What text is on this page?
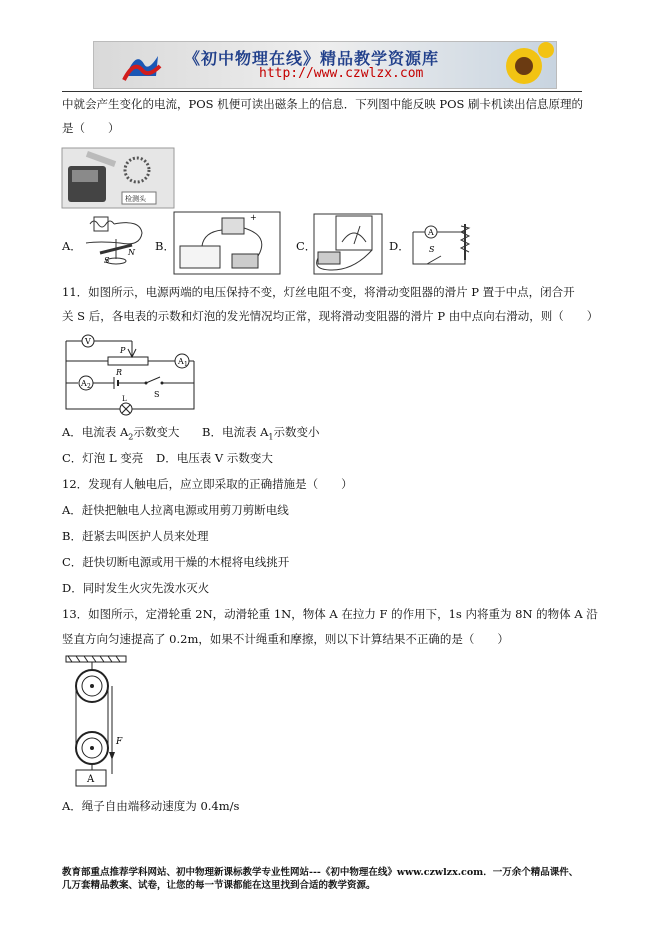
《初中物理在线》精品教学资源库
http://www.czwlzx.com
中就会产生变化的电流，POS 机便可读出磁条上的信息．下列图中能反映 POS 刷卡机读出信息原理的
是（　　）
检测头
A．
S
N B．
+
C．	D．
A
S
11．如图所示，电源两端的电压保持不变，灯丝电阻不变，将滑动变阻器的滑片 P 置于中点，闭合开
关 S 后，各电表的示数和灯泡的发光情况均正常，现将滑动变阻器的滑片 P 由中点向右滑动，则（　　）
V
P
R
A 1
A 2
S
L
A．电流表 $A_2$示数变大 B．电流表 $A_1$示数变小
C．灯泡 L 变亮 D．电压表 V 示数变大
12．发现有人触电后，应立即采取的正确措施是（　　）
A．赶快把触电人拉离电源或用剪刀剪断电线
B．赶紧去叫医护人员来处理
C．赶快切断电源或用干燥的木棍将电线挑开
D．同时发生火灾先泼水灭火
13．如图所示，定滑轮重 2N，动滑轮重 1N，物体 A 在拉力 F 的作用下，1s 内将重为 8N 的物体 A 沿
竖直方向匀速提高了 0.2m，如果不计绳重和摩擦，则以下计算结果不正确的是（　　）
F
A
A．绳子自由端移动速度为 0.4m/s
教育部重点推荐学科网站、初中物理新课标教学专业性网站---《初中物理在线》www.czwlzx.com．一万余个精品课件、
几万套精品教案、试卷，让您的每一节课都能在这里找到合适的教学资源。
